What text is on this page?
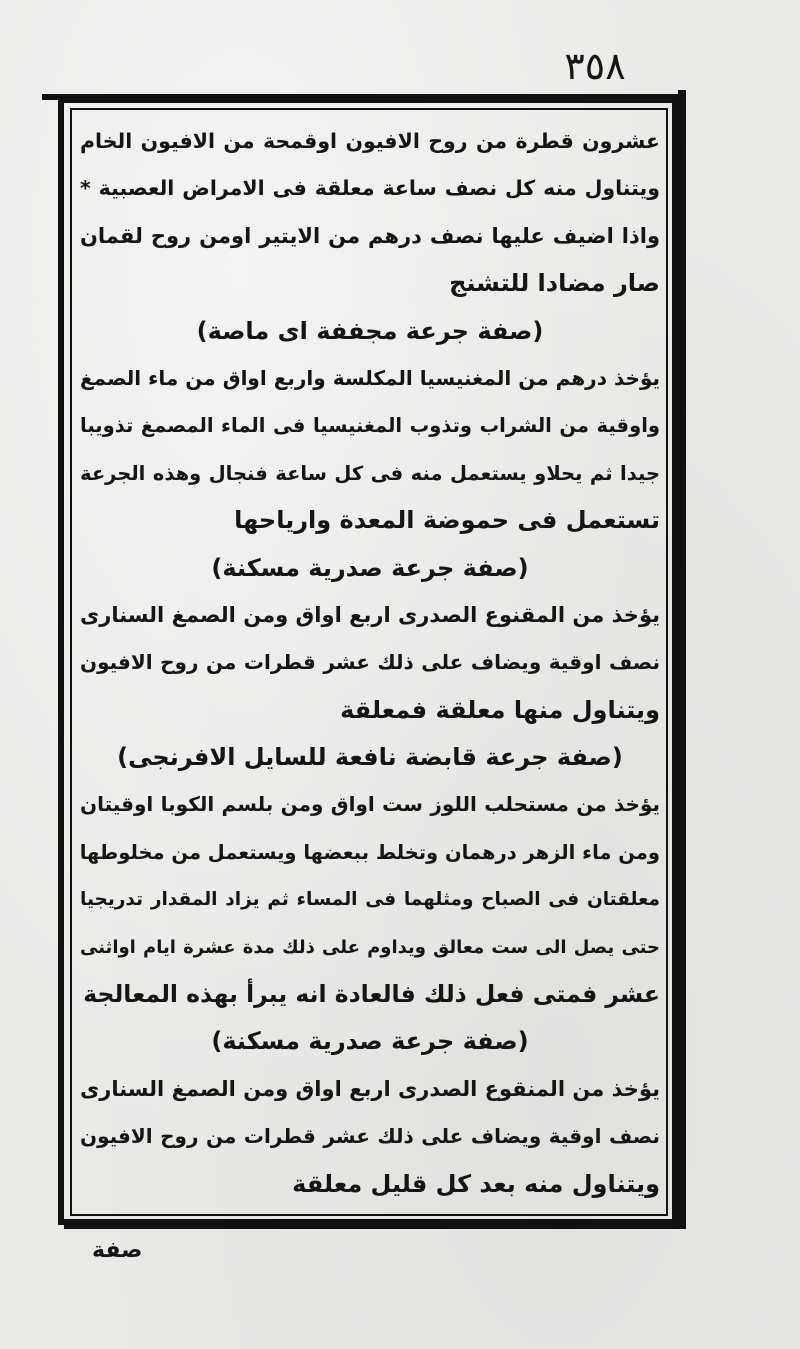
٣٥٨
عشرون قطرة من روح الافيون اوقمحة من الافيون الخام
ويتناول منه كل نصف ساعة معلقة فى الامراض العصبية *
واذا اضيف عليها نصف درهم من الايتير اومن روح لقمان
صار مضادا للتشنج
(صفة جرعة مجففة اى ماصة)
يؤخذ درهم من المغنيسيا المكلسة واربع اواق من ماء الصمغ
واوقية من الشراب وتذوب المغنيسيا فى الماء المصمغ تذويبا
جيدا ثم يحلاو يستعمل منه فى كل ساعة فنجال وهذه الجرعة
تستعمل فى حموضة المعدة وارياحها
(صفة جرعة صدرية مسكنة)
يؤخذ من المقنوع الصدرى اربع اواق ومن الصمغ السنارى
نصف اوقية ويضاف على ذلك عشر قطرات من روح الافيون
ويتناول منها معلقة فمعلقة
(صفة جرعة قابضة نافعة للسايل الافرنجى)
يؤخذ من مستحلب اللوز ست اواق ومن بلسم الكوبا اوقيتان
ومن ماء الزهر درهمان وتخلط ببعضها ويستعمل من مخلوطها
معلقتان فى الصباح ومثلهما فى المساء ثم يزاد المقدار تدريجيا
حتى يصل الى ست معالق ويداوم على ذلك مدة عشرة ايام اواثنى
عشر فمتى فعل ذلك فالعادة انه يبرأ بهذه المعالجة
(صفة جرعة صدرية مسكنة)
يؤخذ من المنقوع الصدرى اربع اواق ومن الصمغ السنارى
نصف اوقية ويضاف على ذلك عشر قطرات من روح الافيون
ويتناول منه بعد كل قليل معلقة
صفة
